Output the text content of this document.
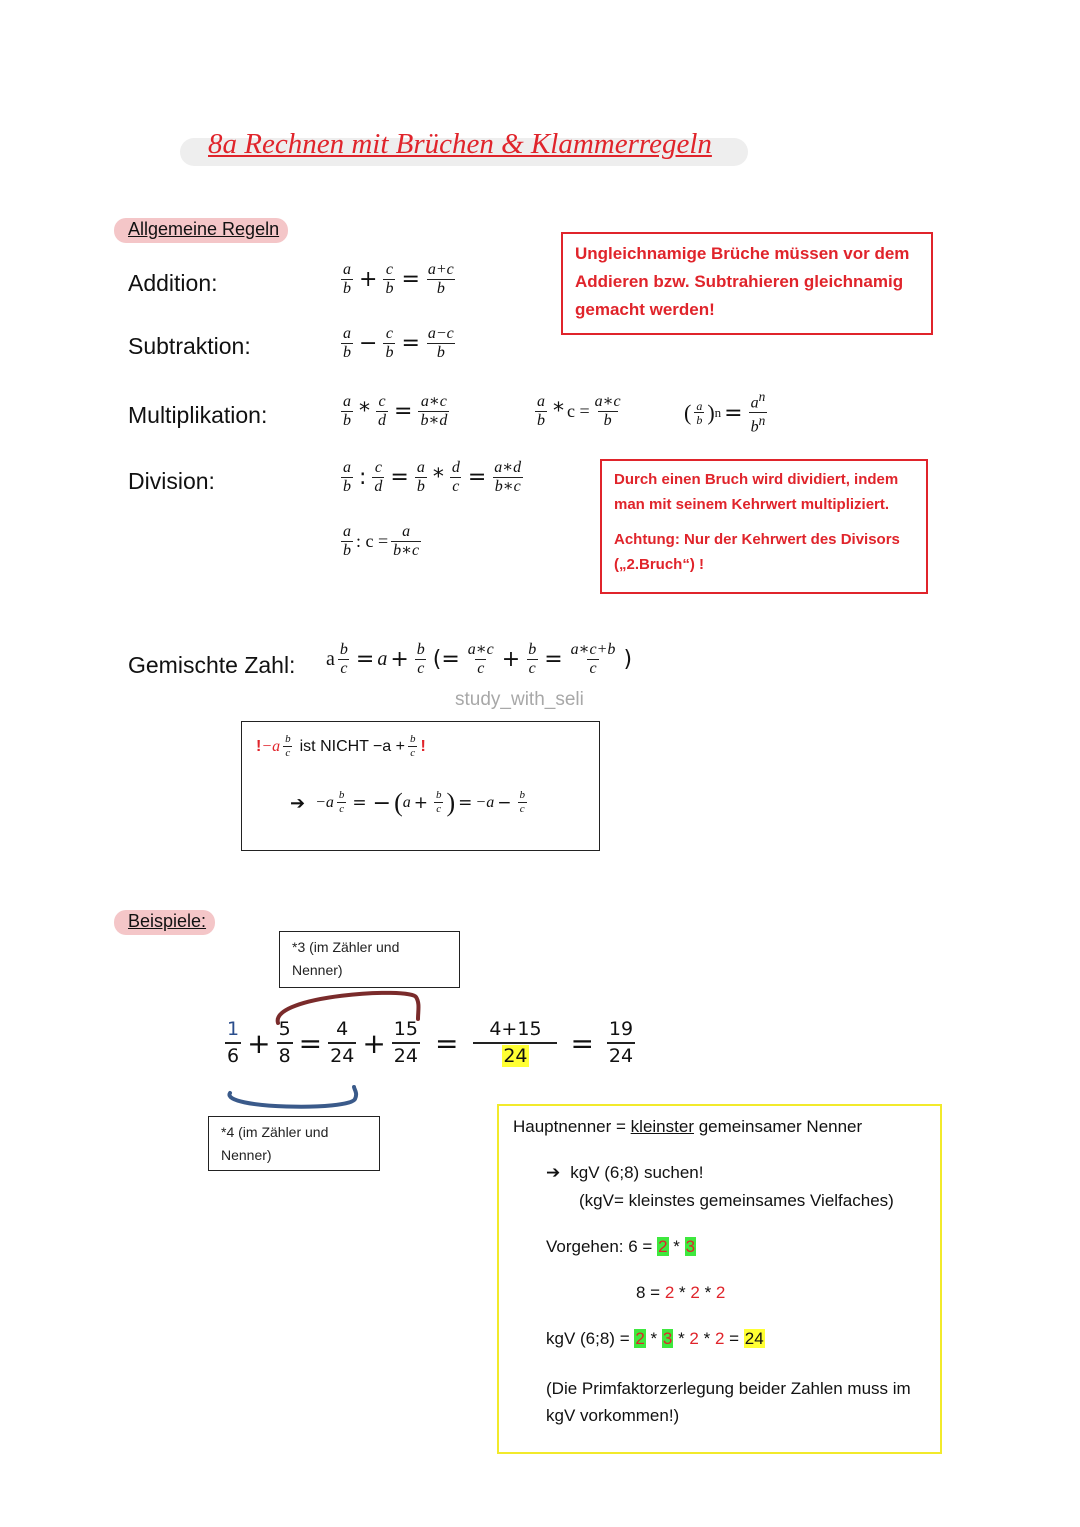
8a Rechnen mit Brüchen & Klammerregeln
Allgemeine Regeln
Addition:
Subtraktion:
Multiplikation:
Division:
Gemischte Zahl:
$\frac{a}{b} + \frac{c}{b} = \frac{a+c}{b}$
$\frac{a}{b} - \frac{c}{b} = \frac{a-c}{b}$
$\frac{a}{b} * \frac{c}{d} = \frac{a∗c}{b∗d}$	$\frac{a}{b} * c = \frac{a∗c}{b}$	( $\frac{a}{b}$ ) $n = \frac{a^n}{b^n}$
$\frac{a}{b}$ : $\frac{c}{d} = \frac{a}{b} * \frac{d}{c} = \frac{a∗d}{b∗c}$
$\frac{a}{b}$ : $c = \frac{a}{b∗c}$
Ungleichnamige Brüche müssen vor dem Addieren bzw. Subtrahieren gleichnamig gemacht werden!
Durch einen Bruch wird dividiert, indem man mit seinem Kehrwert multipliziert.
Achtung: Nur der Kehrwert des Divisors („2.Bruch“) !
a $\frac{b}{c} = a + \frac{b}{c}$ (= $\frac{a∗c}{c} + \frac{b}{c} = \frac{a∗c+b}{c}$ )
study_with_seli
! $-a \frac{b}{c}$ ist NICHT $-a + \frac{b}{c}$ !
➔ $-a \frac{b}{c}$ = − ( $a + \frac{b}{c}$ ) = $-a - \frac{b}{c}$
Beispiele:
*3 (im Zähler und Nenner)
*4 (im Zähler und Nenner)
$\frac{1}{6} + \frac{5}{8} = \frac{4}{24} + \frac{15}{24} = \frac{4+15}{24} = \frac{19}{24}$
Hauptnenner = kleinster gemeinsamer Nenner
➔ kgV (6;8) suchen!
(kgV= kleinstes gemeinsames Vielfaches)
Vorgehen: 6 = 2 * 3
8 = 2 * 2 * 2
kgV (6;8) = 2 * 3 * 2 * 2 = 24
(Die Primfaktorzerlegung beider Zahlen muss im kgV vorkommen!)
